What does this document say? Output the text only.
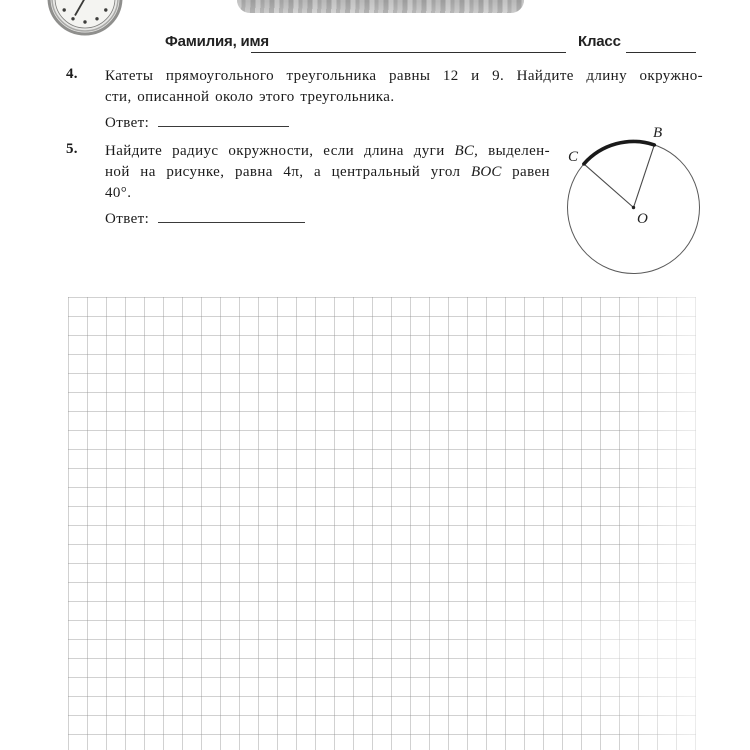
Фамилия, имя	Класс
4. Катеты прямоугольного треугольника равны 12 и 9. Найдите длину окружно-
сти, описанной около этого треугольника.
Ответ:
5. Найдите радиус окружности, если длина дуги BC, выделен-
ной на рисунке, равна 4π, а центральный угол BOC равен
40°.
Ответ:
B
C
O
